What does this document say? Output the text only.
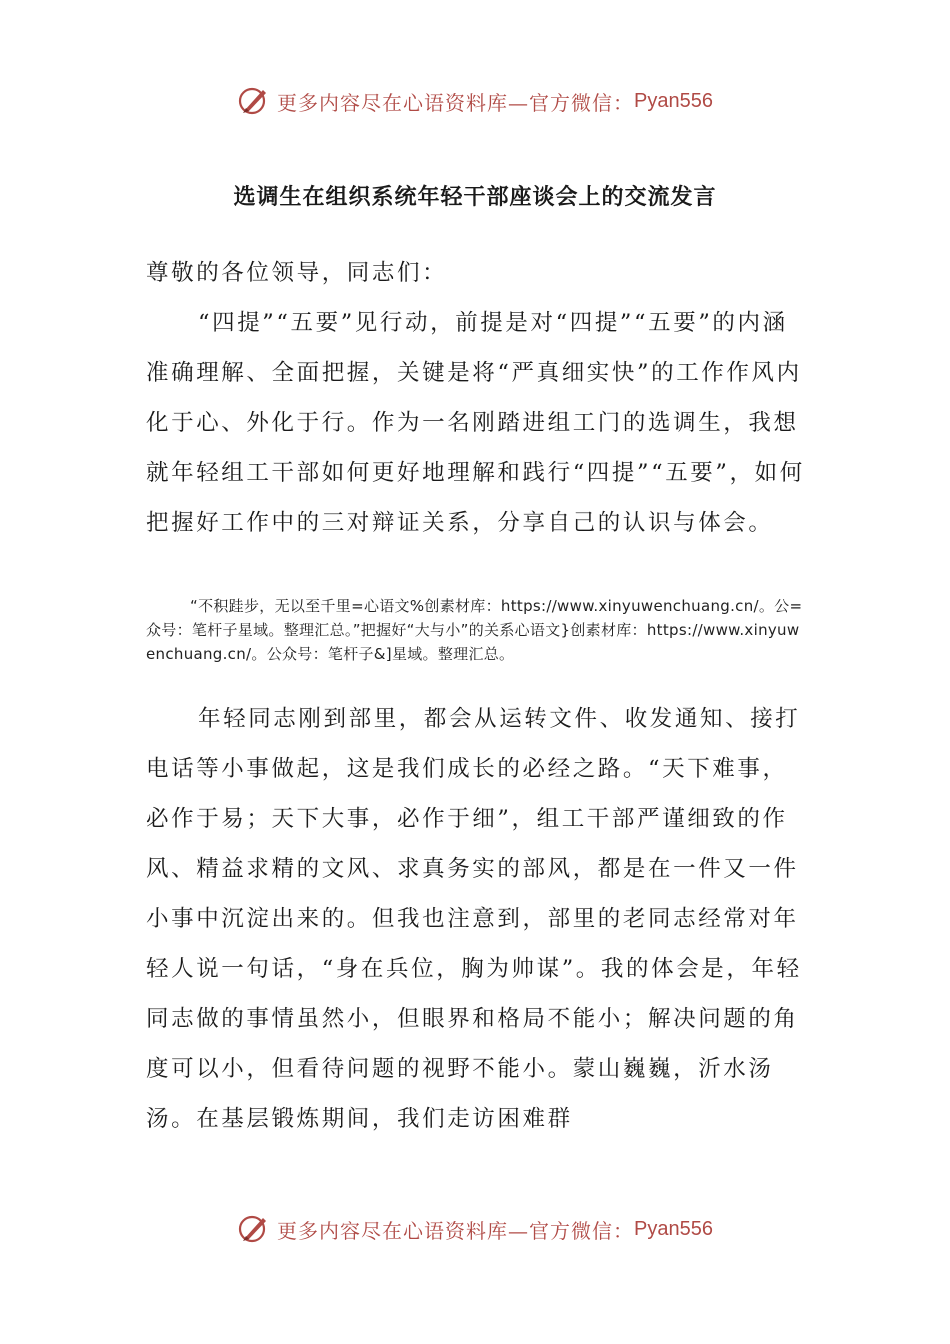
更多内容尽在心语资料库—官方微信： Pyan556
选调生在组织系统年轻干部座谈会上的交流发言

尊敬的各位领导，同志们：

“四提”“五要”见行动，前提是对“四提”“五要”的内涵准确理解、全面把握，关键是将“严真细实快”的工作作风内化于心、外化于行。作为一名刚踏进组工门的选调生，我想就年轻组工干部如何更好地理解和践行“四提”“五要”，如何把握好工作中的三对辩证关系，分享自己的认识与体会。

“不积跬步，无以至千里=心语文%创素材库：https://www.xinyuwenchuang.cn/。公=众号：笔杆子星域。整理汇总。”把握好“大与小”的关系心语文}创素材库：https://www.xinyuwenchuang.cn/。公众号：笔杆子&]星域。整理汇总。

年轻同志刚到部里，都会从运转文件、收发通知、接打电话等小事做起，这是我们成长的必经之路。“天下难事，必作于易；天下大事，必作于细”，组工干部严谨细致的作风、精益求精的文风、求真务实的部风，都是在一件又一件小事中沉淀出来的。但我也注意到，部里的老同志经常对年轻人说一句话，“身在兵位，胸为帅谋”。我的体会是，年轻同志做的事情虽然小，但眼界和格局不能小；解决问题的角度可以小，但看待问题的视野不能小。蒙山巍巍，沂水汤汤。在基层锻炼期间，我们走访困难群

更多内容尽在心语资料库—官方微信： Pyan556
